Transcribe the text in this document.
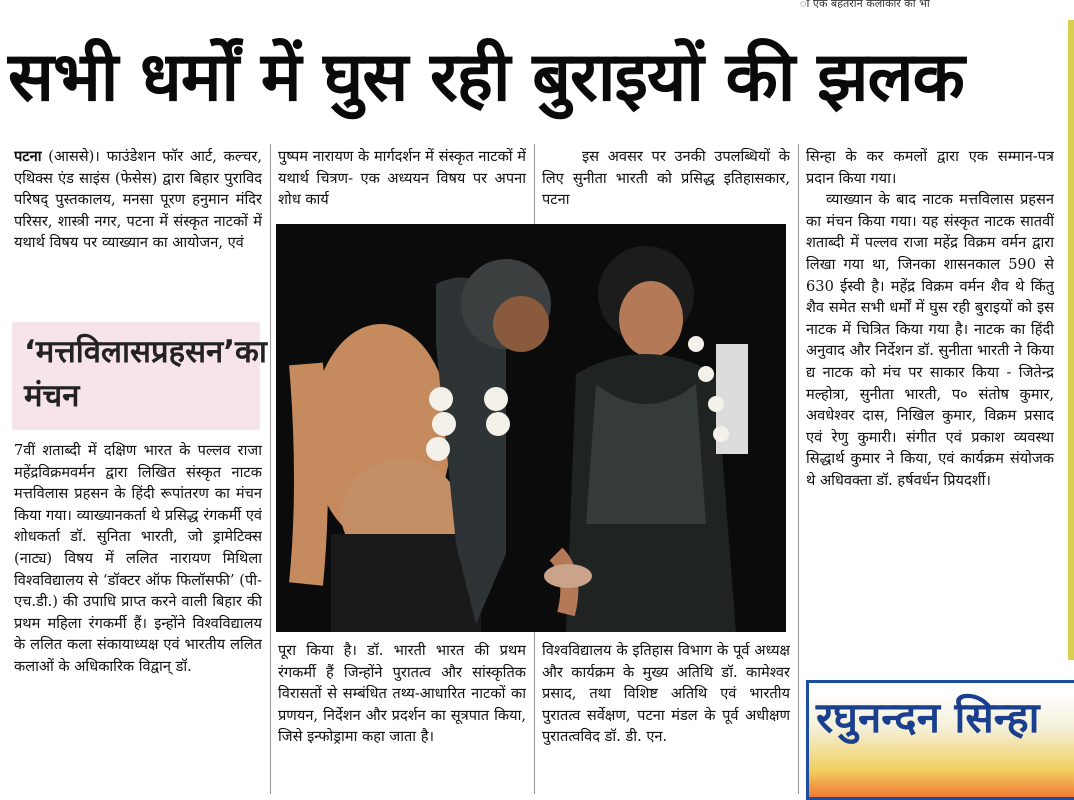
ा एक बहतरान कलाकार का भा
सभी धर्मों में घुस रही बुराइयों की झलक

पटना (आससे)। फाउंडेशन फॉर आर्ट, कल्चर, एथिक्स एंड साइंस (फेसेस) द्वारा बिहार पुराविद परिषद् पुस्तकालय, मनसा पूरण हनुमान मंदिर परिसर, शास्त्री नगर, पटना में संस्कृत नाटकों में यथार्थ विषय पर व्याख्यान का आयोजन, एवं

‘मत्तविलासप्रहसन’का मंचन

7वीं शताब्दी में दक्षिण भारत के पल्लव राजा महेंद्रविक्रमवर्मन द्वारा लिखित संस्कृत नाटक मत्तविलास प्रहसन के हिंदी रूपांतरण का मंचन किया गया। व्याख्यानकर्ता थे प्रसिद्ध रंगकर्मी एवं शोधकर्ता डॉ. सुनिता भारती, जो ड्रामेटिक्स (नाट्य) विषय में ललित नारायण मिथिला विश्वविद्यालय से ‘डॉक्टर ऑफ फिलॉसफी’ (पी-एच.डी.) की उपाधि प्राप्त करने वाली बिहार की प्रथम महिला रंगकर्मी हैं। इन्होंने विश्वविद्यालय के ललित कला संकायाध्यक्ष एवं भारतीय ललित कलाओं के अधिकारिक विद्वान् डॉ.

पुष्पम नारायण के मार्गदर्शन में संस्कृत नाटकों में यथार्थ चित्रण- एक अध्ययन विषय पर अपना शोध कार्य

इस अवसर पर उनकी उपलब्धियों के लिए सुनीता भारती को प्रसिद्ध इतिहासकार, पटना

पूरा किया है। डॉ. भारती भारत की प्रथम रंगकर्मी हैं जिन्होंने पुरातत्व और सांस्कृतिक विरासतों से सम्बंधित तथ्य-आधारित नाटकों का प्रणयन, निर्देशन और प्रदर्शन का सूत्रपात किया, जिसे इन्फोड्रामा कहा जाता है।

विश्वविद्यालय के इतिहास विभाग के पूर्व अध्यक्ष और कार्यक्रम के मुख्य अतिथि डॉ. कामेश्वर प्रसाद, तथा विशिष्ट अतिथि एवं भारतीय पुरातत्व सर्वेक्षण, पटना मंडल के पूर्व अधीक्षण पुरातत्वविद डॉ. डी. एन.

सिन्हा के कर कमलों द्वारा एक सम्मान-पत्र प्रदान किया गया।

व्याख्यान के बाद नाटक मत्तविलास प्रहसन का मंचन किया गया। यह संस्कृत नाटक सातवीं शताब्दी में पल्लव राजा महेंद्र विक्रम वर्मन द्वारा लिखा गया था, जिनका शासनकाल 590 से 630 ईस्वी है। महेंद्र विक्रम वर्मन शैव थे किंतु शैव समेत सभी धर्मों में घुस रही बुराइयों को इस नाटक में चित्रित किया गया है। नाटक का हिंदी अनुवाद और निर्देशन डॉ. सुनीता भारती ने किया द्य नाटक को मंच पर साकार किया - जितेन्द्र मल्होत्रा, सुनीता भारती, प० संतोष कुमार, अवधेश्वर दास, निखिल कुमार, विक्रम प्रसाद एवं रेणु कुमारी। संगीत एवं प्रकाश व्यवस्था सिद्धार्थ कुमार ने किया, एवं कार्यक्रम संयोजक थे अधिवक्ता डॉ. हर्षवर्धन प्रियदर्शी।

रघुनन्दन सिन्हा
